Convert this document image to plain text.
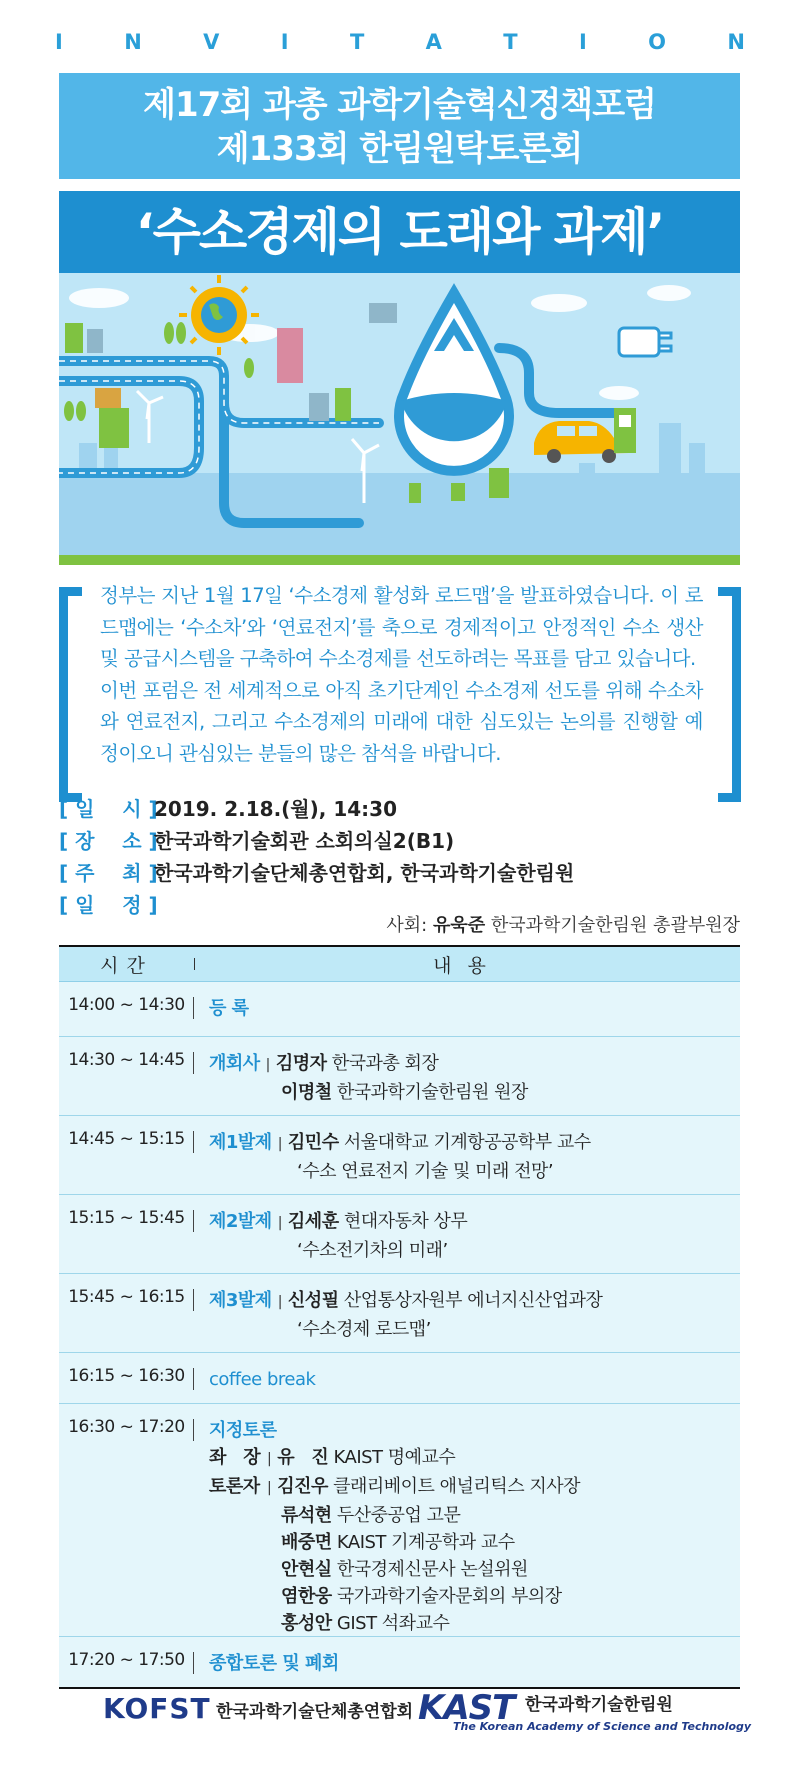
I	N	V	I	T	A	T	I	O	N
제17회 과총 과학기술혁신정책포럼
제133회 한림원탁토론회
‘수소경제의 도래와 과제’

정부는 지난 1월 17일 ‘수소경제 활성화 로드맵’을 발표하였습니다. 이 로드맵에는 ‘수소차’와 ‘연료전지’를 축으로 경제적이고 안정적인 수소 생산 및 공급시스템을 구축하여 수소경제를 선도하려는 목표를 담고 있습니다.

이번 포럼은 전 세계적으로 아직 초기단계인 수소경제 선도를 위해 수소차와 연료전지, 그리고 수소경제의 미래에 대한 심도있는 논의를 진행할 예정이오니 관심있는 분들의 많은 참석을 바랍니다.

[ 일    시 ]2019. 2.18.(월), 14:30
[ 장    소 ]한국과학기술회관 소회의실2(B1)
[ 주    최 ]한국과학기술단체총연합회, 한국과학기술한림원
[ 일    정 ]
사회: 유욱준 한국과학기술한림원 총괄부원장
시간	내용
14:00 ~ 14:30	등 록
14:30 ~ 14:45	개회사 | 김명자 한국과총 회장
이명철 한국과학기술한림원 원장
14:45 ~ 15:15	제1발제 | 김민수 서울대학교 기계항공공학부 교수
‘수소 연료전지 기술 및 미래 전망’
15:15 ~ 15:45	제2발제 | 김세훈 현대자동차 상무
‘수소전기차의 미래’
15:45 ~ 16:15	제3발제 | 신성필 산업통상자원부 에너지신산업과장
‘수소경제 로드맵’
16:15 ~ 16:30	coffee break
16:30 ~ 17:20	지정토론
좌   장 | 유   진 KAIST 명예교수
토론자 | 김진우 클래리베이트 애널리틱스 지사장
류석현 두산중공업 고문
배중면 KAIST 기계공학과 교수
안현실 한국경제신문사 논설위원
염한웅 국가과학기술자문회의 부의장
홍성안 GIST 석좌교수
17:20 ~ 17:50	종합토론 및 폐회
KOFST 한국과학기술단체총연합회 KAST 한국과학기술한림원
The Korean Academy of Science and Technology
